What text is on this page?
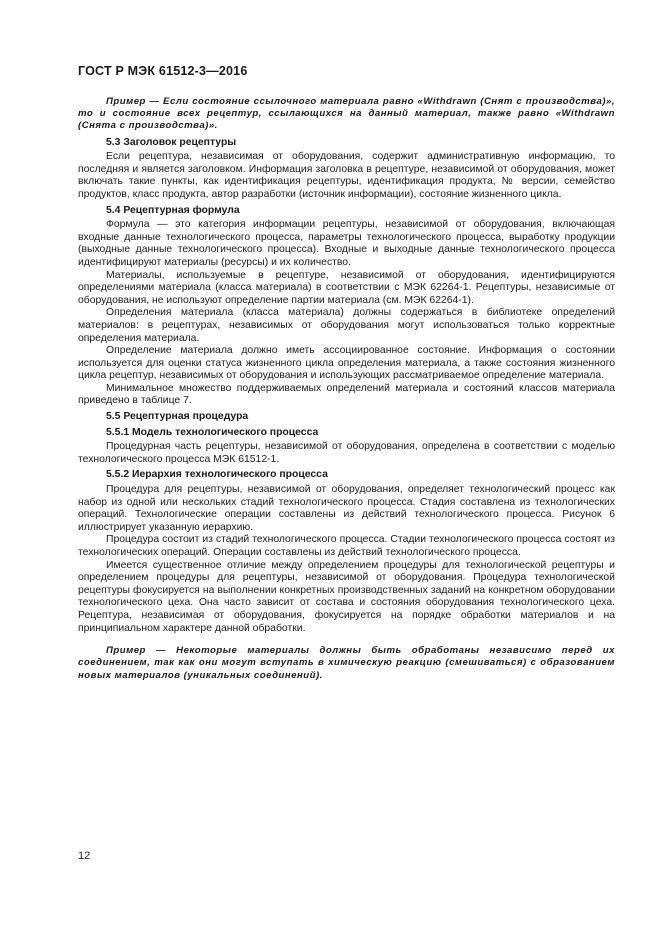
ГОСТ Р МЭК 61512-3—2016
Пример — Если состояние ссылочного материала равно «Withdrawn (Снят с производства)», то и состояние всех рецептур, ссылающихся на данный материал, также равно «Withdrawn (Снята с производства)».
5.3 Заголовок рецептуры
Если рецептура, независимая от оборудования, содержит административную информацию, то последняя и является заголовком. Информация заголовка в рецептуре, независимой от оборудования, может включать такие пункты, как идентификация рецептуры, идентификация продукта, № версии, семейство продуктов, класс продукта, автор разработки (источник информации), состояние жизненного цикла.
5.4 Рецептурная формула
Формула — это категория информации рецептуры, независимой от оборудования, включающая входные данные технологического процесса, параметры технологического процесса, выработку продукции (выходные данные технологического процесса). Входные и выходные данные технологического процесса идентифицируют материалы (ресурсы) и их количество.
Материалы, используемые в рецептуре, независимой от оборудования, идентифицируются определениями материала (класса материала) в соответствии с МЭК 62264-1. Рецептуры, независимые от оборудования, не используют определение партии материала (см. МЭК 62264-1).
Определения материала (класса материала) должны содержаться в библиотеке определений материалов: в рецептурах, независимых от оборудования могут использоваться только корректные определения материала.
Определение материала должно иметь ассоциированное состояние. Информация о состоянии используется для оценки статуса жизненного цикла определения материала, а также состояния жизненного цикла рецептур, независимых от оборудования и использующих рассматриваемое определение материала.
Минимальное множество поддерживаемых определений материала и состояний классов материала приведено в таблице 7.
5.5 Рецептурная процедура
5.5.1 Модель технологического процесса
Процедурная часть рецептуры, независимой от оборудования, определена в соответствии с моделью технологического процесса МЭК 61512-1.
5.5.2 Иерархия технологического процесса
Процедура для рецептуры, независимой от оборудования, определяет технологический процесс как набор из одной или нескольких стадий технологического процесса. Стадия составлена из технологических операций. Технологические операции составлены из действий технологического процесса. Рисунок 6 иллюстрирует указанную иерархию.
Процедура состоит из стадий технологического процесса. Стадии технологического процесса состоят из технологических операций. Операции составлены из действий технологического процесса.
Имеется существенное отличие между определением процедуры для технологической рецептуры и определением процедуры для рецептуры, независимой от оборудования. Процедура технологической рецептуры фокусируется на выполнении конкретных производственных заданий на конкретном оборудовании технологического цеха. Она часто зависит от состава и состояния оборудования технологического цеха. Рецептура, независимая от оборудования, фокусируется на порядке обработки материалов и на принципиальном характере данной обработки.
Пример — Некоторые материалы должны быть обработаны независимо перед их соединением, так как они могут вступать в химическую реакцию (смешиваться) с образованием новых материалов (уникальных соединений).
12
